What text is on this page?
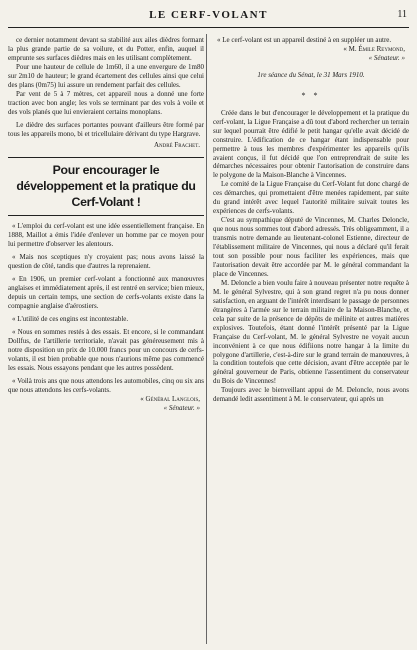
LE CERF-VOLANT	11

ce dernier notamment devant sa stabilité aux ailes dièdres formant la plus grande partie de sa voilure, et du Potter, enfin, auquel il emprunte ses surfaces dièdres mais en les utilisant complètement.

Pour une hauteur de cellule de 1m60, il a une envergure de 1m80 sur 2m10 de hauteur; le grand écartement des cellules ainsi que celui des plans (0m75) lui assure un rendement parfait des cellules.

Par vent de 5 à 7 mètres, cet appareil nous a donné une forte traction avec bon angle; les vols se terminant par des vols à voile et des vols planés que lui envieraient certains monoplans.

Le dièdre des surfaces portantes pouvant d'ailleurs être formé par tous les appareils mono, bi et tricellulaire dérivant du type Hargrave.

André Frachet.
Pour encourager le développement et la pratique du Cerf-Volant !

« L'emploi du cerf-volant est une idée essentiellement française. En 1888, Maillot a émis l'idée d'enlever un homme par ce moyen pour lui permettre d'observer les alentours.

« Mais nos sceptiques n'y croyaient pas; nous avons laissé la question de côté, tandis que d'autres la reprenaient.

« En 1906, un premier cerf-volant a fonctionné aux manœuvres anglaises et immédiatement après, il est rentré en service; bien mieux, depuis un certain temps, une section de cerfs-volants existe dans la compagnie anglaise d'aérostiers.

« L'utilité de ces engins est incontestable.

« Nous en sommes restés à des essais. Et encore, si le commandant Dollfus, de l'artillerie territoriale, n'avait pas généreusement mis à notre disposition un prix de 10.000 francs pour un concours de cerfs-volants, il est bien probable que nous n'aurions même pas commencé les essais. Nous essayons pendant que les autres possèdent.

« Voilà trois ans que nous attendons les automobiles, cinq ou six ans que nous attendons les cerfs-volants.

« Général Langlois,
« Sénateur. »

« Le cerf-volant est un appareil destiné à en suppléer un autre.

« M. Émile Reymond,
« Sénateur. »
1re séance du Sénat, le 31 Mars 1910.
* *

Créée dans le but d'encourager le développement et la pratique du cerf-volant, la Ligue Française a dû tout d'abord rechercher un terrain sur lequel pourrait être édifié le petit hangar qu'elle avait décidé de construire. L'édification de ce hangar étant indispensable pour permettre à tous les membres d'expérimenter les appareils qu'ils avaient conçus, il fut décidé que l'on entreprendrait de suite les démarches nécessaires pour obtenir l'autorisation de construire dans le polygone de la Maison-Blanche à Vincennes.

Le comité de la Ligue Française du Cerf-Volant fut donc chargé de ces démarches, qui promettaient d'être menées rapidement, par suite du grand intérêt avec lequel l'autorité militaire suivait toutes les expériences de cerfs-volants.

C'est au sympathique député de Vincennes, M. Charles Deloncle, que nous nous sommes tout d'abord adressés. Très obligeamment, il a transmis notre demande au lieutenant-colonel Estienne, directeur de l'établissement militaire de Vincennes, qui nous a déclaré qu'il ferait tout son possible pour nous faciliter les expériences, mais que l'autorisation devait être accordée par M. le général commandant la place de Vincennes.

M. Deloncle a bien voulu faire à nouveau présenter notre requête à M. le général Sylvestre, qui à son grand regret n'a pu nous donner satisfaction, en arguant de l'intérêt interdisant le passage de personnes étrangères à l'armée sur le terrain militaire de la Maison-Blanche, et cela par suite de la présence de dépôts de mélinite et autres matières explosives. Toutefois, étant donné l'intérêt présenté par la Ligue Française du Cerf-volant, M. le général Sylvestre ne voyait aucun inconvénient à ce que nous édifiions notre hangar à la limite du polygone d'artillerie, c'est-à-dire sur le grand terrain de manœuvres, à la condition toutefois que cette décision, avant d'être acceptée par le général gouverneur de Paris, obtienne l'assentiment du conservateur du Bois de Vincennes!

Toujours avec le bienveillant appui de M. Deloncle, nous avons demandé ledit assentiment à M. le conservateur, qui après un
